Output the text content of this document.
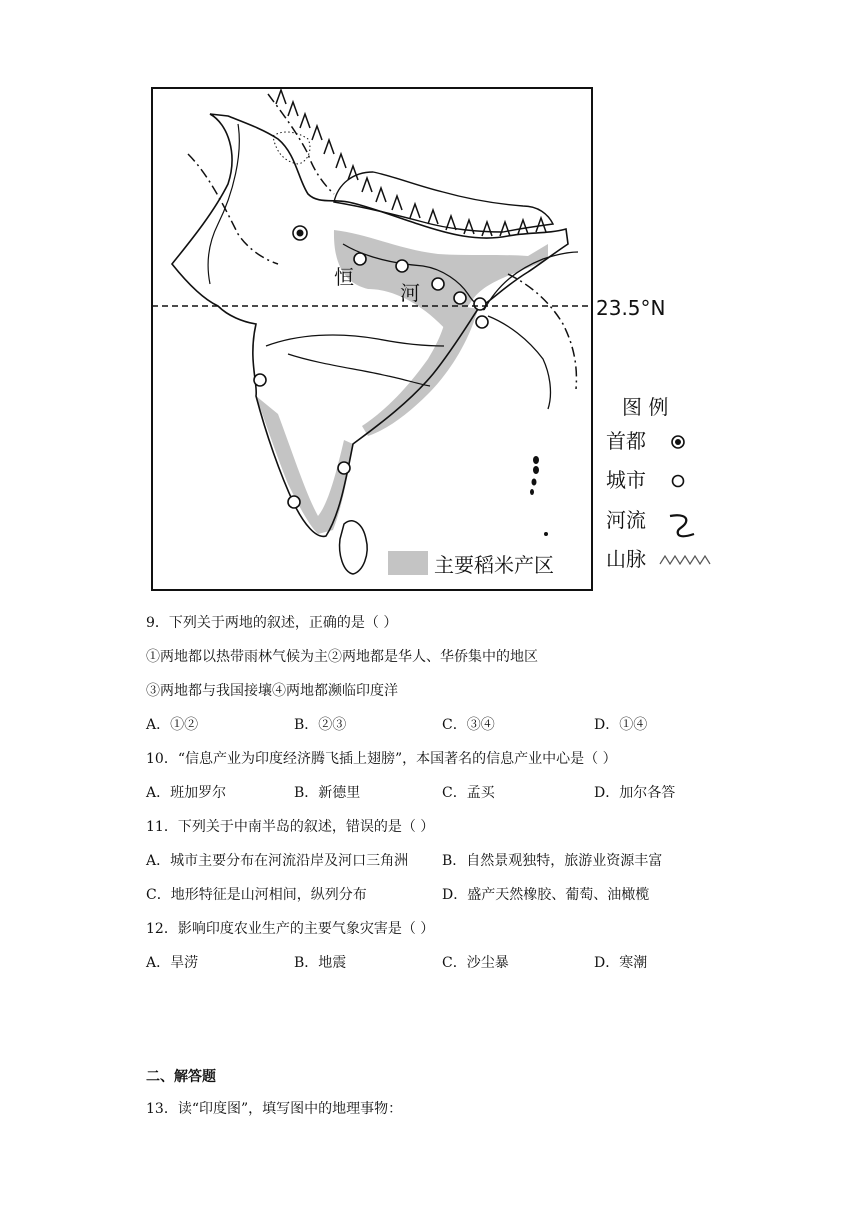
23.5°N
恒
河
主要稻米产区
图 例
首都
城市
河流
山脉
9．下列关于两地的叙述，正确的是（ ）
①两地都以热带雨林气候为主②两地都是华人、华侨集中的地区
③两地都与我国接壤④两地都濒临印度洋
A．①②	B．②③	C．③④	D．①④
10．“信息产业为印度经济腾飞插上翅膀”，本国著名的信息产业中心是（ ）
A．班加罗尔	B．新德里	C．孟买	D．加尔各答
11．下列关于中南半岛的叙述，错误的是（ ）
A．城市主要分布在河流沿岸及河口三角洲 B．自然景观独特，旅游业资源丰富
C．地形特征是山河相间，纵列分布	D．盛产天然橡胶、葡萄、油橄榄
12．影响印度农业生产的主要气象灾害是（ ）
A．旱涝	B．地震	C．沙尘暴	D．寒潮
二、解答题
13．读“印度图”，填写图中的地理事物：
